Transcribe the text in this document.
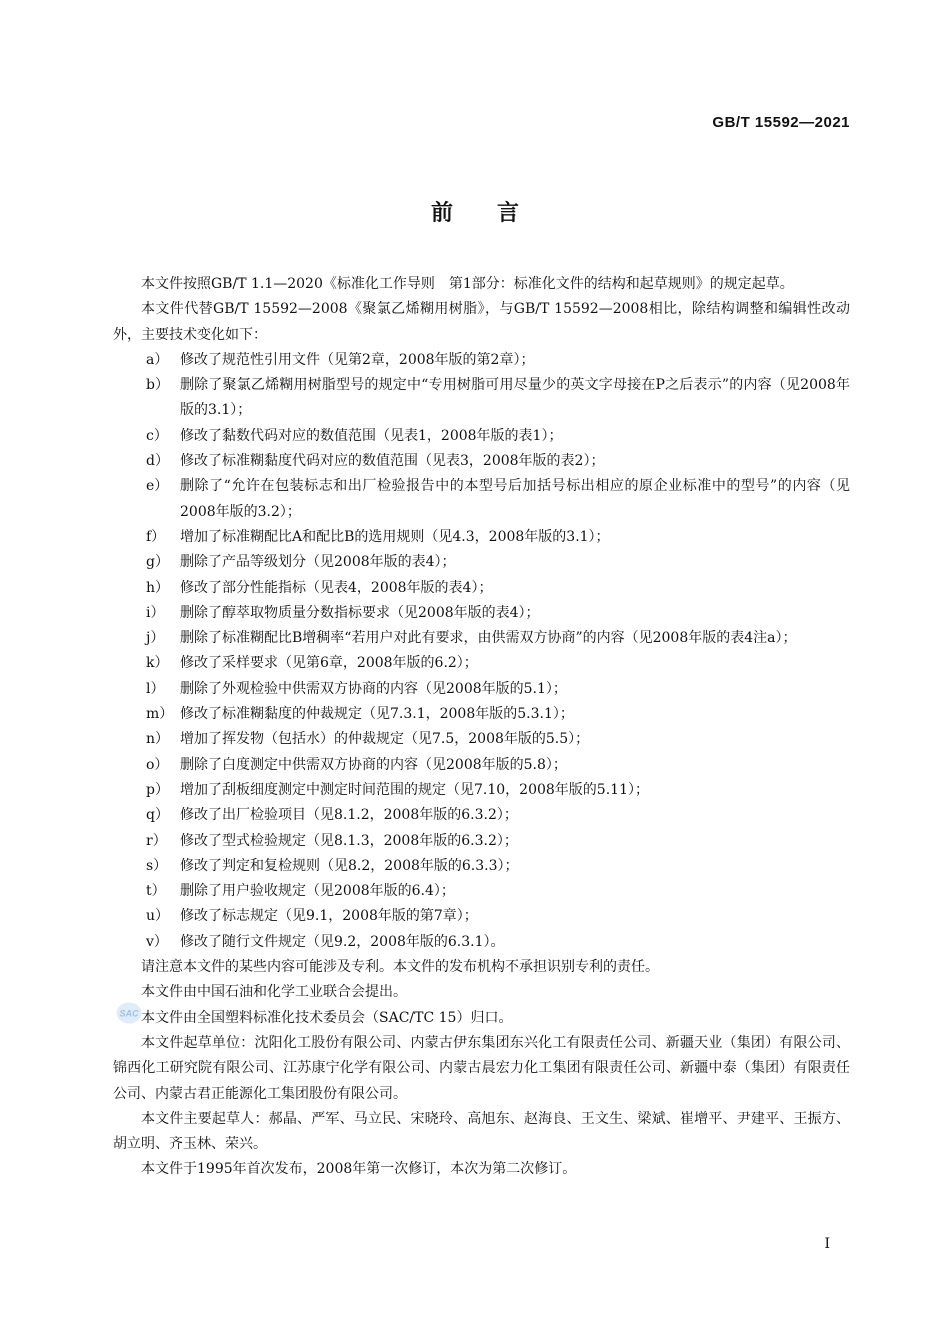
GB/T 15592—2021
前言

本文件按照GB/T 1.1—2020《标准化工作导则　第1部分：标准化文件的结构和起草规则》的规定起草。

本文件代替GB/T 15592—2008《聚氯乙烯糊用树脂》，与GB/T 15592—2008相比，除结构调整和编辑性改动外，主要技术变化如下：

a） 修改了规范性引用文件（见第2章，2008年版的第2章）；
b） 删除了聚氯乙烯糊用树脂型号的规定中“专用树脂可用尽量少的英文字母接在P之后表示”的内容（见2008年版的3.1）；
c） 修改了黏数代码对应的数值范围（见表1，2008年版的表1）；
d） 修改了标准糊黏度代码对应的数值范围（见表3，2008年版的表2）；
e） 删除了“允许在包装标志和出厂检验报告中的本型号后加括号标出相应的原企业标准中的型号”的内容（见2008年版的3.2）；
f）	增加了标准糊配比A和配比B的选用规则（见4.3，2008年版的3.1）；
g） 删除了产品等级划分（见2008年版的表4）；
h） 修改了部分性能指标（见表4，2008年版的表4）；
i）	删除了醇萃取物质量分数指标要求（见2008年版的表4）；
j）	删除了标准糊配比B增稠率“若用户对此有要求，由供需双方协商”的内容（见2008年版的表4注a）；
k） 修改了采样要求（见第6章，2008年版的6.2）；
l）	删除了外观检验中供需双方协商的内容（见2008年版的5.1）；
m） 修改了标准糊黏度的仲裁规定（见7.3.1，2008年版的5.3.1）；
n） 增加了挥发物（包括水）的仲裁规定（见7.5，2008年版的5.5）；
o） 删除了白度测定中供需双方协商的内容（见2008年版的5.8）；
p） 增加了刮板细度测定中测定时间范围的规定（见7.10，2008年版的5.11）；
q） 修改了出厂检验项目（见8.1.2，2008年版的6.3.2）；
r） 修改了型式检验规定（见8.1.3，2008年版的6.3.2）；
s） 修改了判定和复检规则（见8.2，2008年版的6.3.3）；
t）	删除了用户验收规定（见2008年版的6.4）；
u） 修改了标志规定（见9.1，2008年版的第7章）；
v） 修改了随行文件规定（见9.2，2008年版的6.3.1）。

请注意本文件的某些内容可能涉及专利。本文件的发布机构不承担识别专利的责任。

本文件由中国石油和化学工业联合会提出。

本文件由全国塑料标准化技术委员会（SAC/TC 15）归口。

本文件起草单位：沈阳化工股份有限公司、内蒙古伊东集团东兴化工有限责任公司、新疆天业（集团）有限公司、锦西化工研究院有限公司、江苏康宁化学有限公司、内蒙古晨宏力化工集团有限责任公司、新疆中泰（集团）有限责任公司、内蒙古君正能源化工集团股份有限公司。

本文件主要起草人：郝晶、严军、马立民、宋晓玲、高旭东、赵海良、王文生、梁斌、崔增平、尹建平、王振方、胡立明、齐玉林、荣兴。

本文件于1995年首次发布，2008年第一次修订，本次为第二次修订。

SAC
I
